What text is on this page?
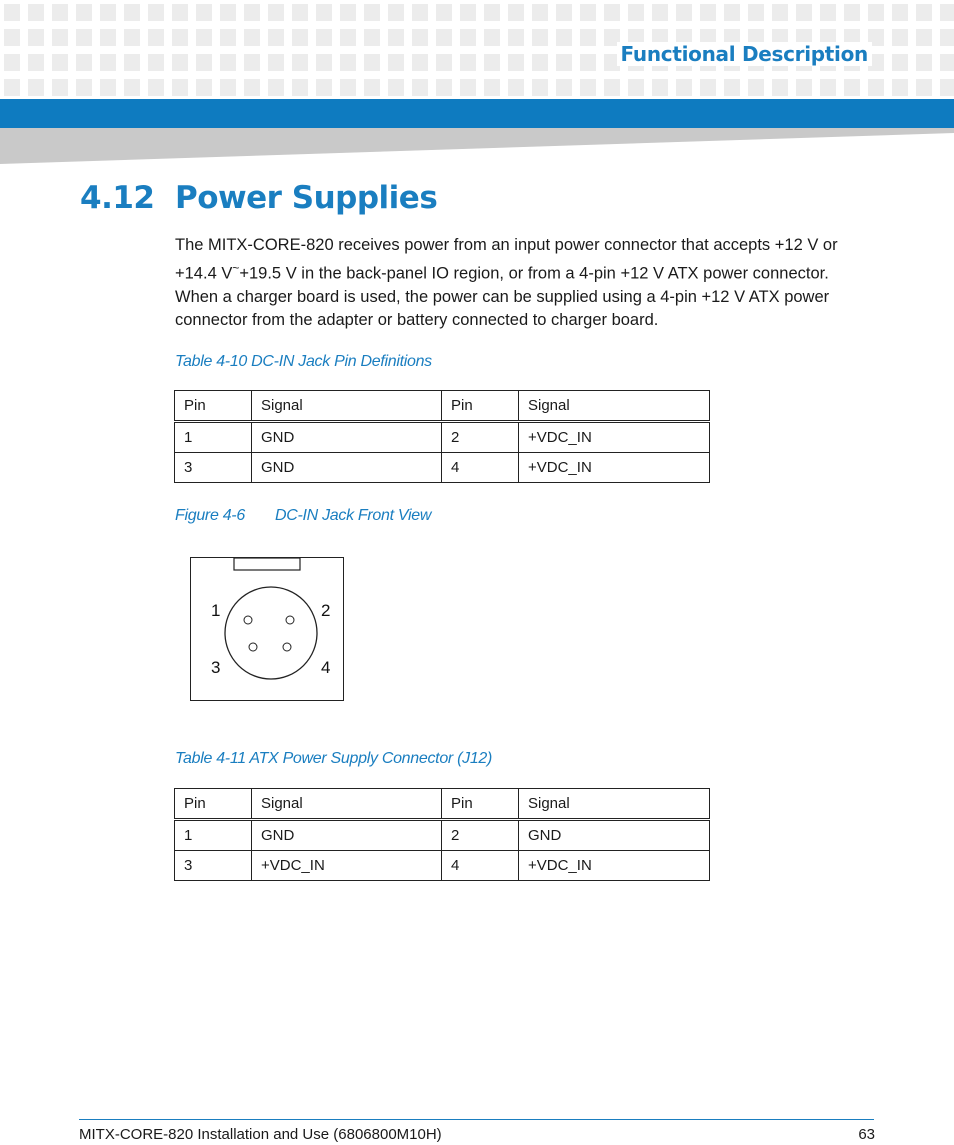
Functional Description
4.12 Power Supplies
The MITX-CORE-820 receives power from an input power connector that accepts +12 V or
+14.4 V~+19.5 V in the back-panel IO region, or from a 4-pin +12 V ATX power connector.
When a charger board is used, the power can be supplied using a 4-pin +12 V ATX power
connector from the adapter or battery connected to charger board.
Table 4-10 DC-IN Jack Pin Definitions
Pin	Signal	Pin	Signal
1	GND	2	+VDC_IN
3	GND	4	+VDC_IN
Figure 4-6 DC-IN Jack Front View
1	2
3	4
Table 4-11 ATX Power Supply Connector (J12)
Pin	Signal	Pin	Signal
1	GND	2	GND
3	+VDC_IN	4	+VDC_IN
MITX-CORE-820 Installation and Use (6806800M10H)	63
